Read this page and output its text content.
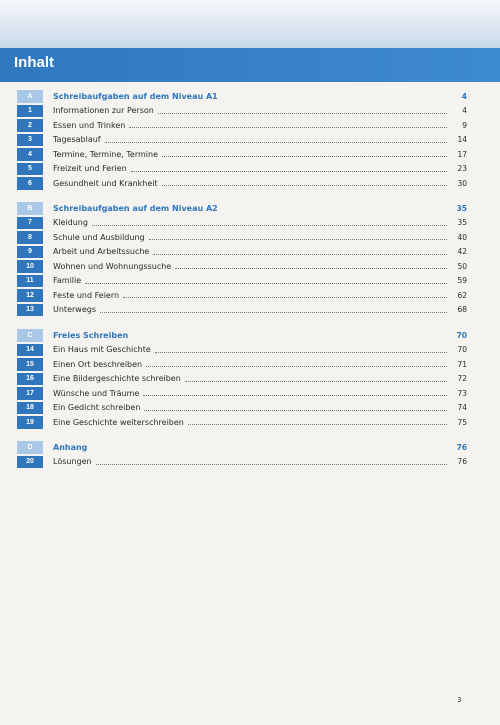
Inhalt
A	Schreibaufgaben auf dem Niveau A1	4
1	Informationen zur Person	4
2	Essen und Trinken	9
3	Tagesablauf	14
4	Termine, Termine, Termine	17
5	Freizeit und Ferien	23
6	Gesundheit und Krankheit	30
B	Schreibaufgaben auf dem Niveau A2	35
7	Kleidung	35
8	Schule und Ausbildung	40
9	Arbeit und Arbeitssuche	42
10	Wohnen und Wohnungssuche	50
11	Familie	59
12	Feste und Feiern	62
13	Unterwegs	68
C	Freies Schreiben	70
14	Ein Haus mit Geschichte	70
15	Einen Ort beschreiben	71
16	Eine Bildergeschichte schreiben	72
17	Wünsche und Träume	73
18	Ein Gedicht schreiben	74
19	Eine Geschichte weiterschreiben	75
D	Anhang	76
20	Lösungen	76
3
